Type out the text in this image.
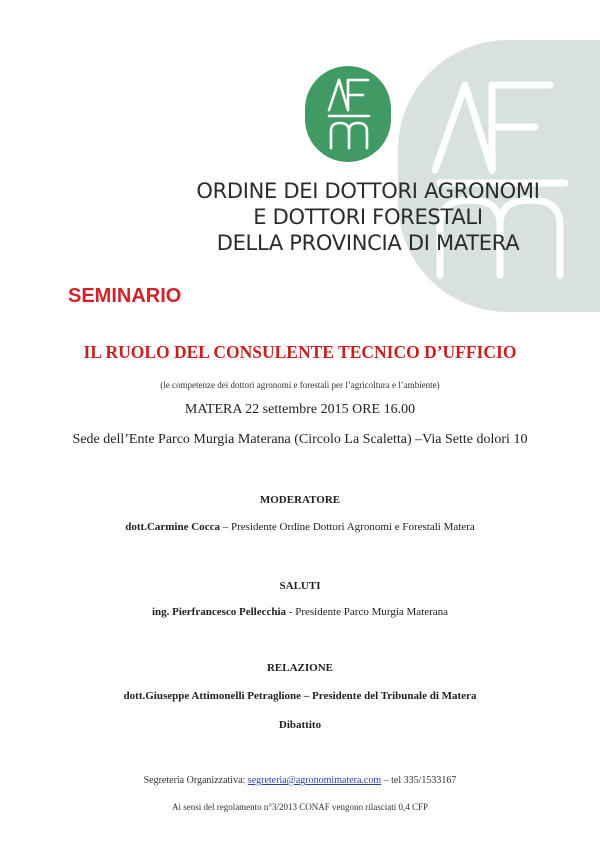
ORDINE DEI DOTTORI AGRONOMI
E DOTTORI FORESTALI
DELLA PROVINCIA DI MATERA
SEMINARIO
IL RUOLO DEL CONSULENTE TECNICO D’UFFICIO
(le competenze dei dottori agronomi e forestali per l’agricoltura e l’ambiente)
MATERA 22 settembre 2015 ORE 16.00
Sede dell’Ente Parco Murgia Materana (Circolo La Scaletta) –Via Sette dolori 10
MODERATORE
dott.Carmine Cocca – Presidente Ordine Dottori Agronomi e Forestali Matera
SALUTI
ing. Pierfrancesco Pellecchia - Presidente Parco Murgia Materana
RELAZIONE
dott.Giuseppe Attimonelli Petraglione – Presidente del Tribunale di Matera
Dibattito
Segreteria Organizzativa: segreteria@agronomimatera.com – tel 335/1533167
Ai sensi del regolamento n°3/2013 CONAF vengono rilasciati 0,4 CFP
